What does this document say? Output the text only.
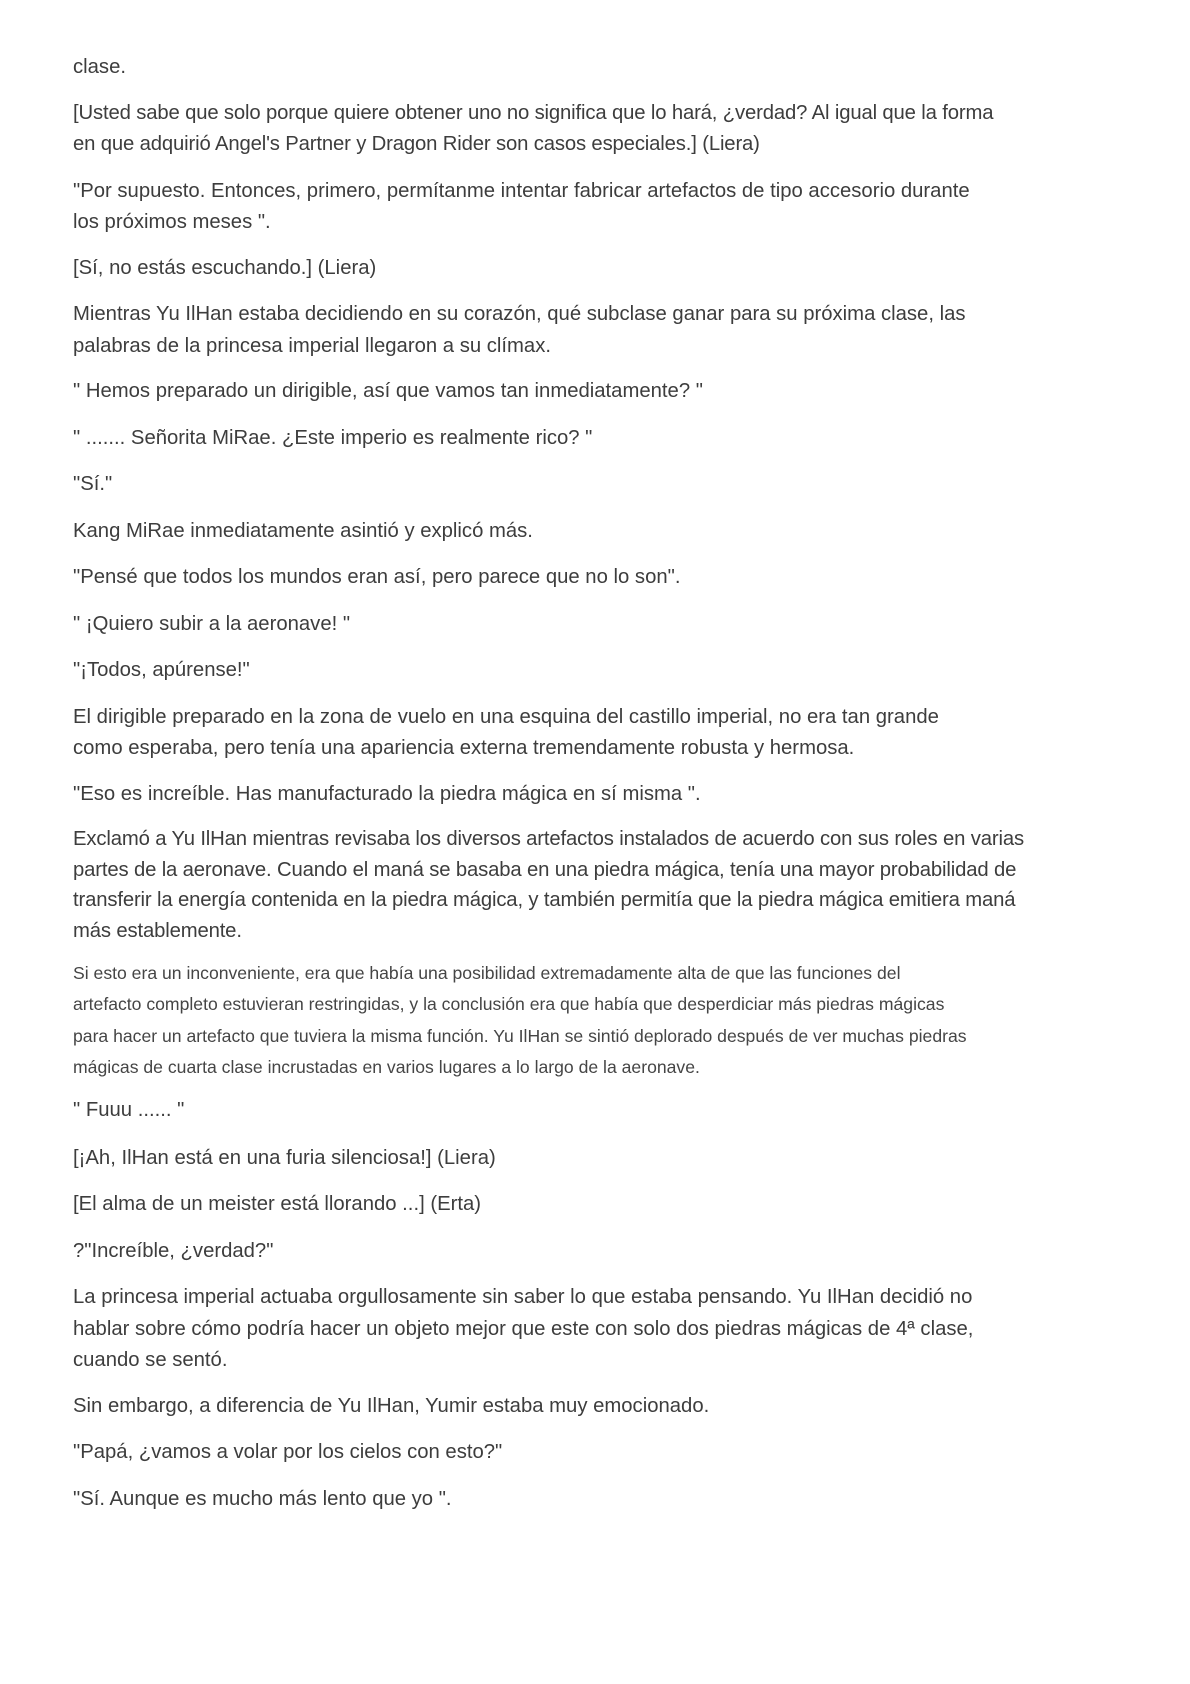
clase.

[Usted sabe que solo porque quiere obtener uno no significa que lo hará, ¿verdad? Al igual que la forma
en que adquirió Angel's Partner y Dragon Rider son casos especiales.] (Liera)

"Por supuesto. Entonces, primero, permítanme intentar fabricar artefactos de tipo accesorio durante
los próximos meses ".

[Sí, no estás escuchando.] (Liera)

Mientras Yu IlHan estaba decidiendo en su corazón, qué subclase ganar para su próxima clase, las
palabras de la princesa imperial llegaron a su clímax.

" Hemos preparado un dirigible, así que vamos tan inmediatamente? "

" ....... Señorita MiRae. ¿Este imperio es realmente rico? "

"Sí."

Kang MiRae inmediatamente asintió y explicó más.

"Pensé que todos los mundos eran así, pero parece que no lo son".

" ¡Quiero subir a la aeronave! "

"¡Todos, apúrense!"

El dirigible preparado en la zona de vuelo en una esquina del castillo imperial, no era tan grande
como esperaba, pero tenía una apariencia externa tremendamente robusta y hermosa.

"Eso es increíble. Has manufacturado la piedra mágica en sí misma ".

Exclamó a Yu IlHan mientras revisaba los diversos artefactos instalados de acuerdo con sus roles en varias
partes de la aeronave. Cuando el maná se basaba en una piedra mágica, tenía una mayor probabilidad de
transferir la energía contenida en la piedra mágica, y también permitía que la piedra mágica emitiera maná
más establemente.

Si esto era un inconveniente, era que había una posibilidad extremadamente alta de que las funciones del
artefacto completo estuvieran restringidas, y la conclusión era que había que desperdiciar más piedras mágicas
para hacer un artefacto que tuviera la misma función. Yu IlHan se sintió deplorado después de ver muchas piedras
mágicas de cuarta clase incrustadas en varios lugares a lo largo de la aeronave.

" Fuuu ...... "

[¡Ah, IlHan está en una furia silenciosa!] (Liera)

[El alma de un meister está llorando ...] (Erta)

?"Increíble, ¿verdad?"

La princesa imperial actuaba orgullosamente sin saber lo que estaba pensando. Yu IlHan decidió no
hablar sobre cómo podría hacer un objeto mejor que este con solo dos piedras mágicas de 4ª clase,
cuando se sentó.

Sin embargo, a diferencia de Yu IlHan, Yumir estaba muy emocionado.

"Papá, ¿vamos a volar por los cielos con esto?"

"Sí. Aunque es mucho más lento que yo ".
